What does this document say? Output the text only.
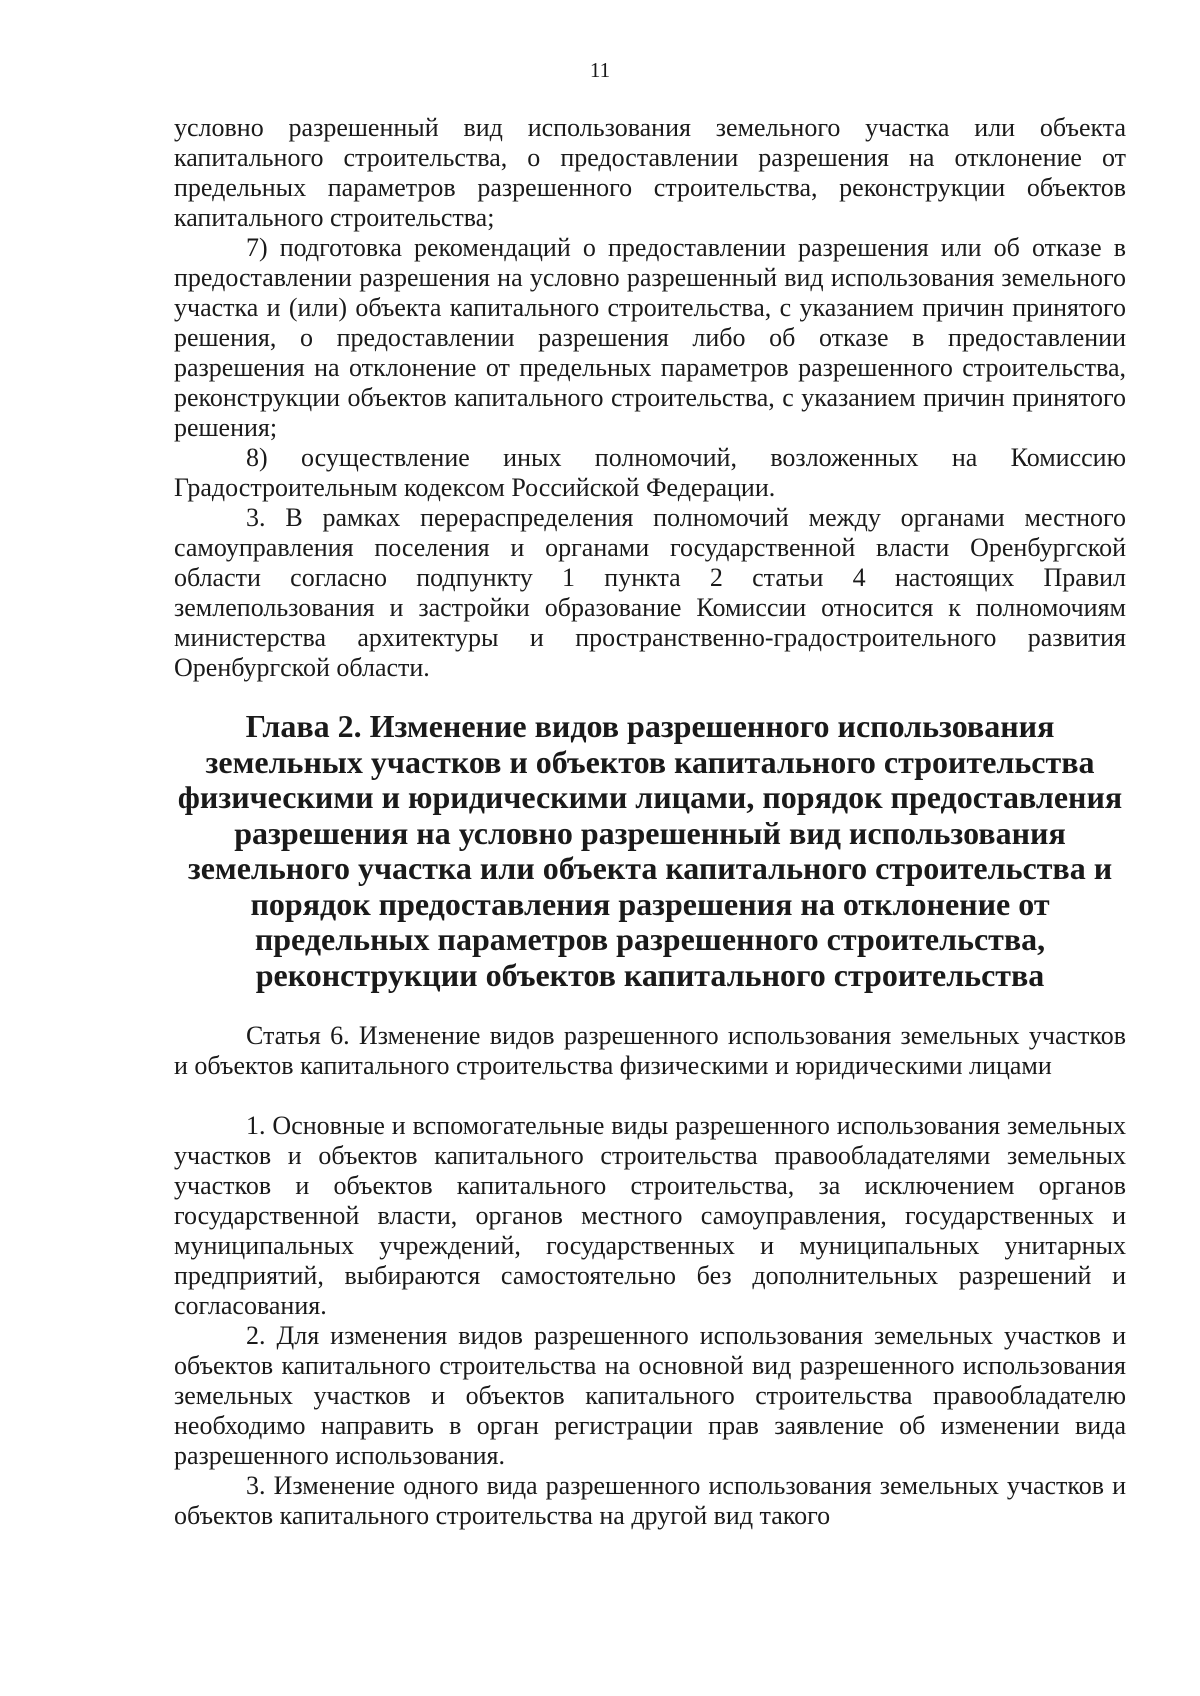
11

условно разрешенный вид использования земельного участка или объекта капитального строительства, о предоставлении разрешения на отклонение от предельных параметров разрешенного строительства, реконструкции объектов капитального строительства;

7) подготовка рекомендаций о предоставлении разрешения или об отказе в предоставлении разрешения на условно разрешенный вид использования земельного участка и (или) объекта капитального строительства, с указанием причин принятого решения, о предоставлении разрешения либо об отказе в предоставлении разрешения на отклонение от предельных параметров разрешенного строительства, реконструкции объектов капитального строительства, с указанием причин принятого решения;

8) осуществление иных полномочий, возложенных на Комиссию Градостроительным кодексом Российской Федерации.

3. В рамках перераспределения полномочий между органами местного самоуправления поселения и органами государственной власти Оренбургской области согласно подпункту 1 пункта 2 статьи 4 настоящих Правил землепользования и застройки образование Комиссии относится к полномочиям министерства архитектуры и пространственно-градостроительного развития Оренбургской области.

Глава 2. Изменение видов разрешенного использования земельных участков и объектов капитального строительства физическими и юридическими лицами, порядок предоставления разрешения на условно разрешенный вид использования земельного участка или объекта капитального строительства и порядок предоставления разрешения на отклонение от предельных параметров разрешенного строительства, реконструкции объектов капитального строительства

Статья 6. Изменение видов разрешенного использования земельных участков и объектов капитального строительства физическими и юридическими лицами

1. Основные и вспомогательные виды разрешенного использования земельных участков и объектов капитального строительства правообладателями земельных участков и объектов капитального строительства, за исключением органов государственной власти, органов местного самоуправления, государственных и муниципальных учреждений, государственных и муниципальных унитарных предприятий, выбираются самостоятельно без дополнительных разрешений и согласования.

2. Для изменения видов разрешенного использования земельных участков и объектов капитального строительства на основной вид разрешенного использования земельных участков и объектов капитального строительства правообладателю необходимо направить в орган регистрации прав заявление об изменении вида разрешенного использования.

3. Изменение одного вида разрешенного использования земельных участков и объектов капитального строительства на другой вид такого
